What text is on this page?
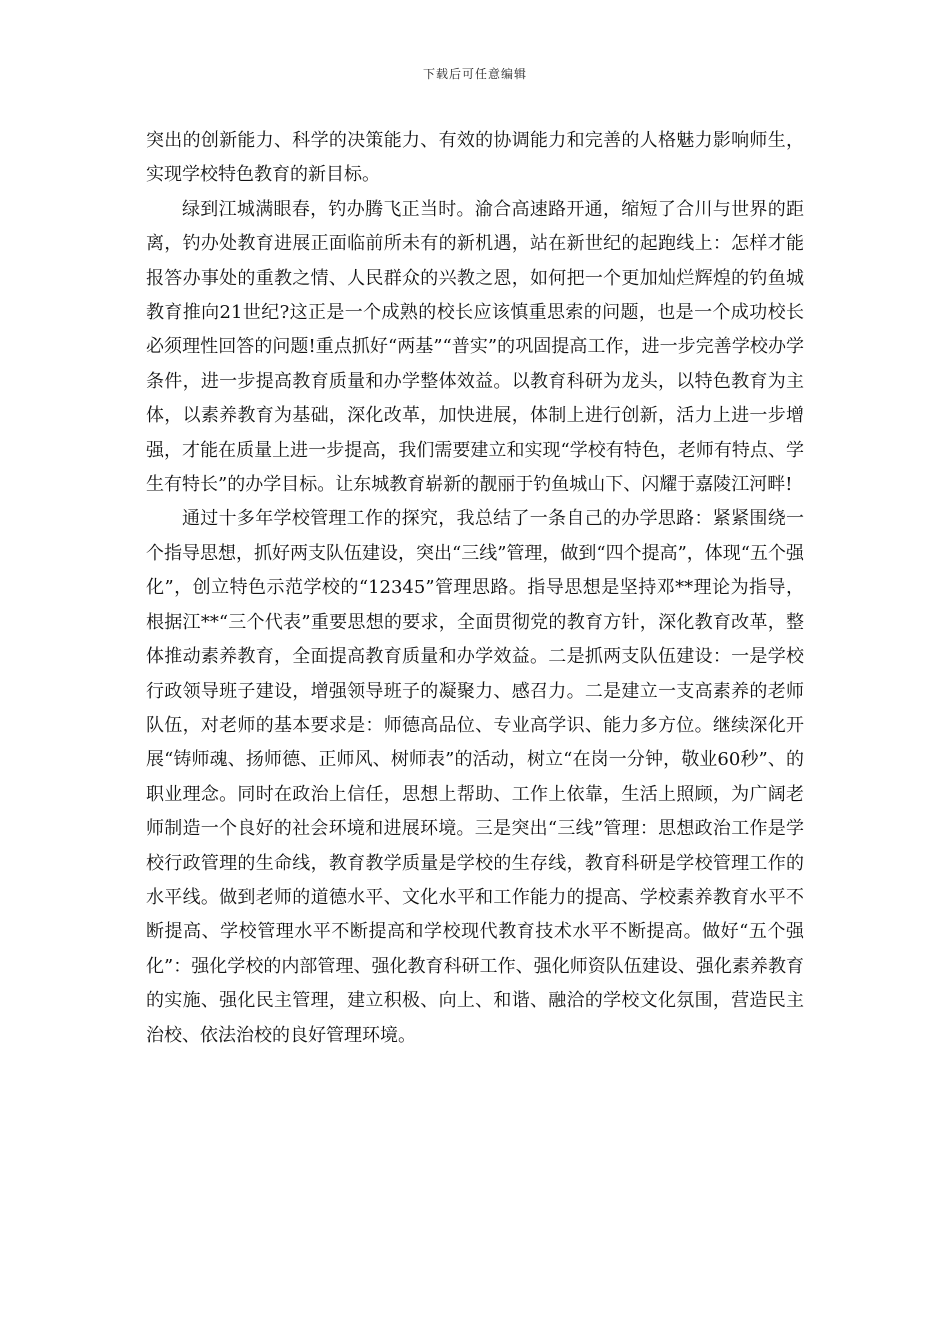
下载后可任意编辑

突出的创新能力、科学的决策能力、有效的协调能力和完善的人格魅力影响师生，实现学校特色教育的新目标。

绿到江城满眼春，钓办腾飞正当时。渝合高速路开通，缩短了合川与世界的距离，钓办处教育进展正面临前所未有的新机遇，站在新世纪的起跑线上：怎样才能报答办事处的重教之情、人民群众的兴教之恩，如何把一个更加灿烂辉煌的钓鱼城教育推向21世纪?这正是一个成熟的校长应该慎重思索的问题，也是一个成功校长必须理性回答的问题!重点抓好“两基”“普实”的巩固提高工作，进一步完善学校办学条件，进一步提高教育质量和办学整体效益。以教育科研为龙头，以特色教育为主体，以素养教育为基础，深化改革，加快进展，体制上进行创新，活力上进一步增强，才能在质量上进一步提高，我们需要建立和实现“学校有特色，老师有特点、学生有特长”的办学目标。让东城教育崭新的靓丽于钓鱼城山下、闪耀于嘉陵江河畔!

通过十多年学校管理工作的探究，我总结了一条自己的办学思路：紧紧围绕一个指导思想，抓好两支队伍建设，突出“三线”管理，做到“四个提高”，体现“五个强化”，创立特色示范学校的“12345”管理思路。指导思想是坚持邓**理论为指导，根据江**“三个代表”重要思想的要求，全面贯彻党的教育方针，深化教育改革，整体推动素养教育，全面提高教育质量和办学效益。二是抓两支队伍建设：一是学校行政领导班子建设，增强领导班子的凝聚力、感召力。二是建立一支高素养的老师队伍，对老师的基本要求是：师德高品位、专业高学识、能力多方位。继续深化开展“铸师魂、扬师德、正师风、树师表”的活动，树立“在岗一分钟，敬业60秒”、的职业理念。同时在政治上信任，思想上帮助、工作上依靠，生活上照顾，为广阔老师制造一个良好的社会环境和进展环境。三是突出“三线”管理：思想政治工作是学校行政管理的生命线，教育教学质量是学校的生存线，教育科研是学校管理工作的水平线。做到老师的道德水平、文化水平和工作能力的提高、学校素养教育水平不断提高、学校管理水平不断提高和学校现代教育技术水平不断提高。做好“五个强化”：强化学校的内部管理、强化教育科研工作、强化师资队伍建设、强化素养教育的实施、强化民主管理，建立积极、向上、和谐、融洽的学校文化氛围，营造民主治校、依法治校的良好管理环境。
